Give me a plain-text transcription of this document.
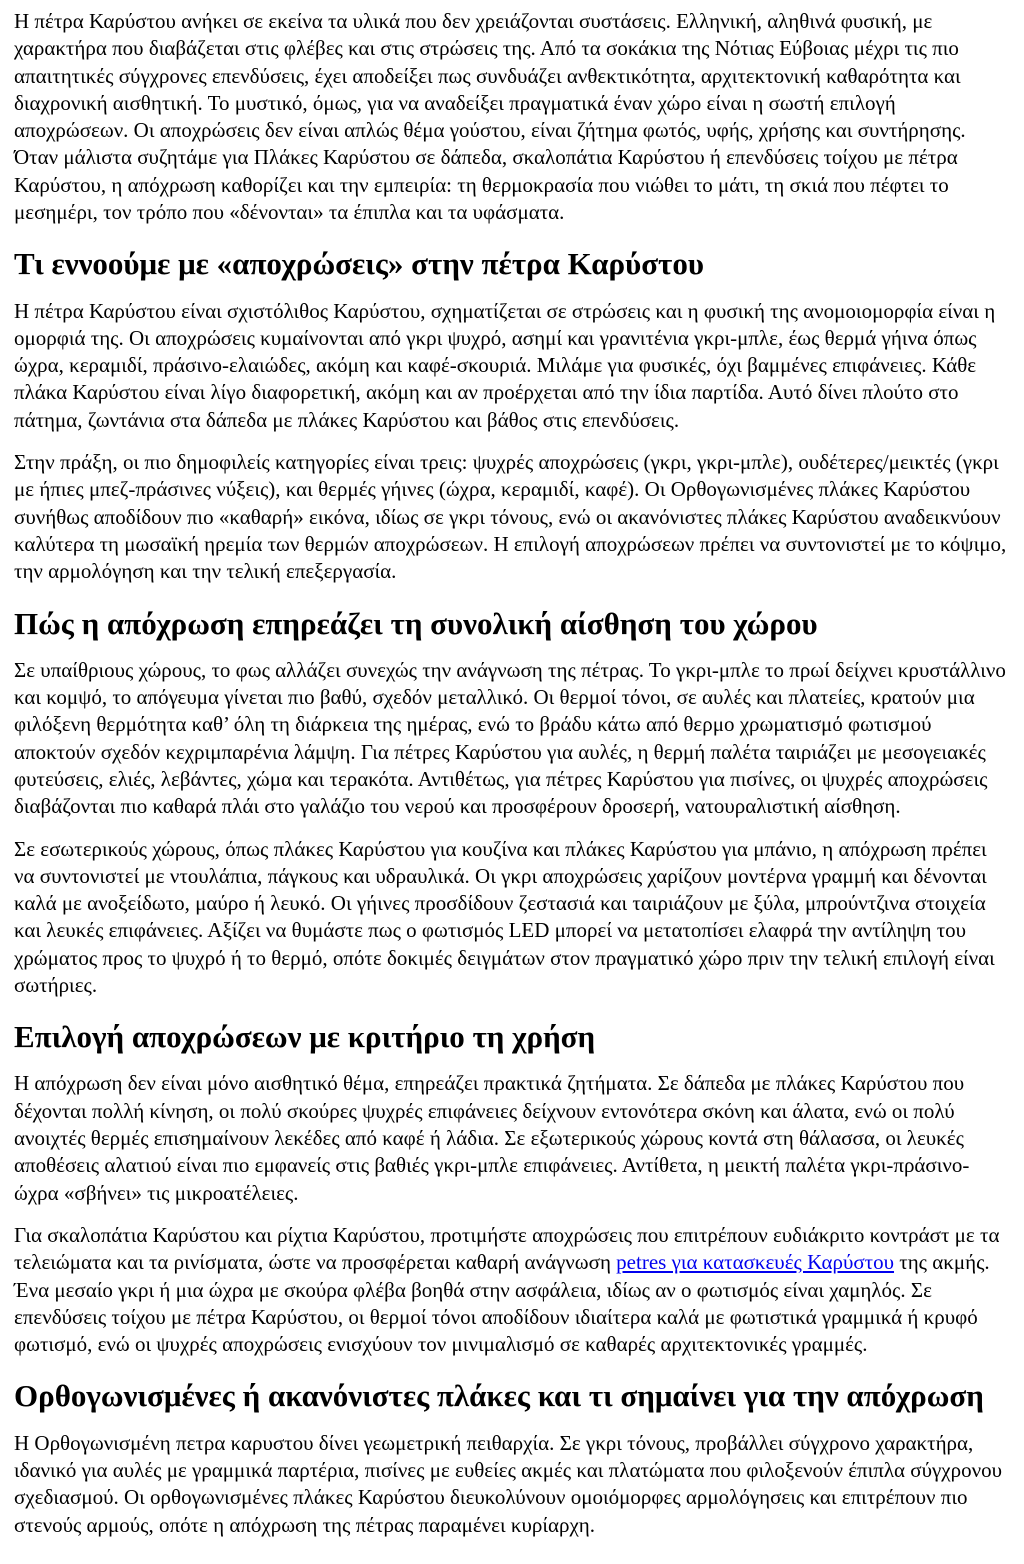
Η πέτρα Καρύστου ανήκει σε εκείνα τα υλικά που δεν χρειάζονται συστάσεις. Ελληνική, αληθινά φυσική, με χαρακτήρα που διαβάζεται στις φλέβες και στις στρώσεις της. Από τα σοκάκια της Νότιας Εύβοιας μέχρι τις πιο απαιτητικές σύγχρονες επενδύσεις, έχει αποδείξει πως συνδυάζει ανθεκτικότητα, αρχιτεκτονική καθαρότητα και διαχρονική αισθητική. Το μυστικό, όμως, για να αναδείξει πραγματικά έναν χώρο είναι η σωστή επιλογή αποχρώσεων. Οι αποχρώσεις δεν είναι απλώς θέμα γούστου, είναι ζήτημα φωτός, υφής, χρήσης και συντήρησης. Όταν μάλιστα συζητάμε για Πλάκες Καρύστου σε δάπεδα, σκαλοπάτια Καρύστου ή επενδύσεις τοίχου με πέτρα Καρύστου, η απόχρωση καθορίζει και την εμπειρία: τη θερμοκρασία που νιώθει το μάτι, τη σκιά που πέφτει το μεσημέρι, τον τρόπο που «δένονται» τα έπιπλα και τα υφάσματα.

Τι εννοούμε με «αποχρώσεις» στην πέτρα Καρύστου

Η πέτρα Καρύστου είναι σχιστόλιθος Καρύστου, σχηματίζεται σε στρώσεις και η φυσική της ανομοιομορφία είναι η ομορφιά της. Οι αποχρώσεις κυμαίνονται από γκρι ψυχρό, ασημί και γρανιτένια γκρι-μπλε, έως θερμά γήινα όπως ώχρα, κεραμιδί, πράσινο-ελαιώδες, ακόμη και καφέ-σκουριά. Μιλάμε για φυσικές, όχι βαμμένες επιφάνειες. Κάθε πλάκα Καρύστου είναι λίγο διαφορετική, ακόμη και αν προέρχεται από την ίδια παρτίδα. Αυτό δίνει πλούτο στο πάτημα, ζωντάνια στα δάπεδα με πλάκες Καρύστου και βάθος στις επενδύσεις.

Στην πράξη, οι πιο δημοφιλείς κατηγορίες είναι τρεις: ψυχρές αποχρώσεις (γκρι, γκρι-μπλε), ουδέτερες/μεικτές (γκρι με ήπιες μπεζ-πράσινες νύξεις), και θερμές γήινες (ώχρα, κεραμιδί, καφέ). Οι Ορθογωνισμένες πλάκες Καρύστου συνήθως αποδίδουν πιο «καθαρή» εικόνα, ιδίως σε γκρι τόνους, ενώ οι ακανόνιστες πλάκες Καρύστου αναδεικνύουν καλύτερα τη μωσαϊκή ηρεμία των θερμών αποχρώσεων. Η επιλογή αποχρώσεων πρέπει να συντονιστεί με το κόψιμο, την αρμολόγηση και την τελική επεξεργασία.

Πώς η απόχρωση επηρεάζει τη συνολική αίσθηση του χώρου

Σε υπαίθριους χώρους, το φως αλλάζει συνεχώς την ανάγνωση της πέτρας. Το γκρι-μπλε το πρωί δείχνει κρυστάλλινο και κομψό, το απόγευμα γίνεται πιο βαθύ, σχεδόν μεταλλικό. Οι θερμοί τόνοι, σε αυλές και πλατείες, κρατούν μια φιλόξενη θερμότητα καθ’ όλη τη διάρκεια της ημέρας, ενώ το βράδυ κάτω από θερμο χρωματισμό φωτισμού αποκτούν σχεδόν κεχριμπαρένια λάμψη. Για πέτρες Καρύστου για αυλές, η θερμή παλέτα ταιριάζει με μεσογειακές φυτεύσεις, ελιές, λεβάντες, χώμα και τερακότα. Αντιθέτως, για πέτρες Καρύστου για πισίνες, οι ψυχρές αποχρώσεις διαβάζονται πιο καθαρά πλάι στο γαλάζιο του νερού και προσφέρουν δροσερή, νατουραλιστική αίσθηση.

Σε εσωτερικούς χώρους, όπως πλάκες Καρύστου για κουζίνα και πλάκες Καρύστου για μπάνιο, η απόχρωση πρέπει να συντονιστεί με ντουλάπια, πάγκους και υδραυλικά. Οι γκρι αποχρώσεις χαρίζουν μοντέρνα γραμμή και δένονται καλά με ανοξείδωτο, μαύρο ή λευκό. Οι γήινες προσδίδουν ζεστασιά και ταιριάζουν με ξύλα, μπρούντζινα στοιχεία και λευκές επιφάνειες. Αξίζει να θυμάστε πως ο φωτισμός LED μπορεί να μετατοπίσει ελαφρά την αντίληψη του χρώματος προς το ψυχρό ή το θερμό, οπότε δοκιμές δειγμάτων στον πραγματικό χώρο πριν την τελική επιλογή είναι σωτήριες.

Επιλογή αποχρώσεων με κριτήριο τη χρήση

Η απόχρωση δεν είναι μόνο αισθητικό θέμα, επηρεάζει πρακτικά ζητήματα. Σε δάπεδα με πλάκες Καρύστου που δέχονται πολλή κίνηση, οι πολύ σκούρες ψυχρές επιφάνειες δείχνουν εντονότερα σκόνη και άλατα, ενώ οι πολύ ανοιχτές θερμές επισημαίνουν λεκέδες από καφέ ή λάδια. Σε εξωτερικούς χώρους κοντά στη θάλασσα, οι λευκές αποθέσεις αλατιού είναι πιο εμφανείς στις βαθιές γκρι-μπλε επιφάνειες. Αντίθετα, η μεικτή παλέτα γκρι-πράσινο-ώχρα «σβήνει» τις μικροατέλειες.

Για σκαλοπάτια Καρύστου και ρίχτια Καρύστου, προτιμήστε αποχρώσεις που επιτρέπουν ευδιάκριτο κοντράστ με τα τελειώματα και τα ρινίσματα, ώστε να προσφέρεται καθαρή ανάγνωση petres για κατασκευές Καρύστου της ακμής. Ένα μεσαίο γκρι ή μια ώχρα με σκούρα φλέβα βοηθά στην ασφάλεια, ιδίως αν ο φωτισμός είναι χαμηλός. Σε επενδύσεις τοίχου με πέτρα Καρύστου, οι θερμοί τόνοι αποδίδουν ιδιαίτερα καλά με φωτιστικά γραμμικά ή κρυφό φωτισμό, ενώ οι ψυχρές αποχρώσεις ενισχύουν τον μινιμαλισμό σε καθαρές αρχιτεκτονικές γραμμές.

Ορθογωνισμένες ή ακανόνιστες πλάκες και τι σημαίνει για την απόχρωση

Η Ορθογωνισμένη πετρα καρυστου δίνει γεωμετρική πειθαρχία. Σε γκρι τόνους, προβάλλει σύγχρονο χαρακτήρα, ιδανικό για αυλές με γραμμικά παρτέρια, πισίνες με ευθείες ακμές και πλατώματα που φιλοξενούν έπιπλα σύγχρονου σχεδιασμού. Οι ορθογωνισμένες πλάκες Καρύστου διευκολύνουν ομοιόμορφες αρμολόγησεις και επιτρέπουν πιο στενούς αρμούς, οπότε η απόχρωση της πέτρας παραμένει κυρίαρχη.
